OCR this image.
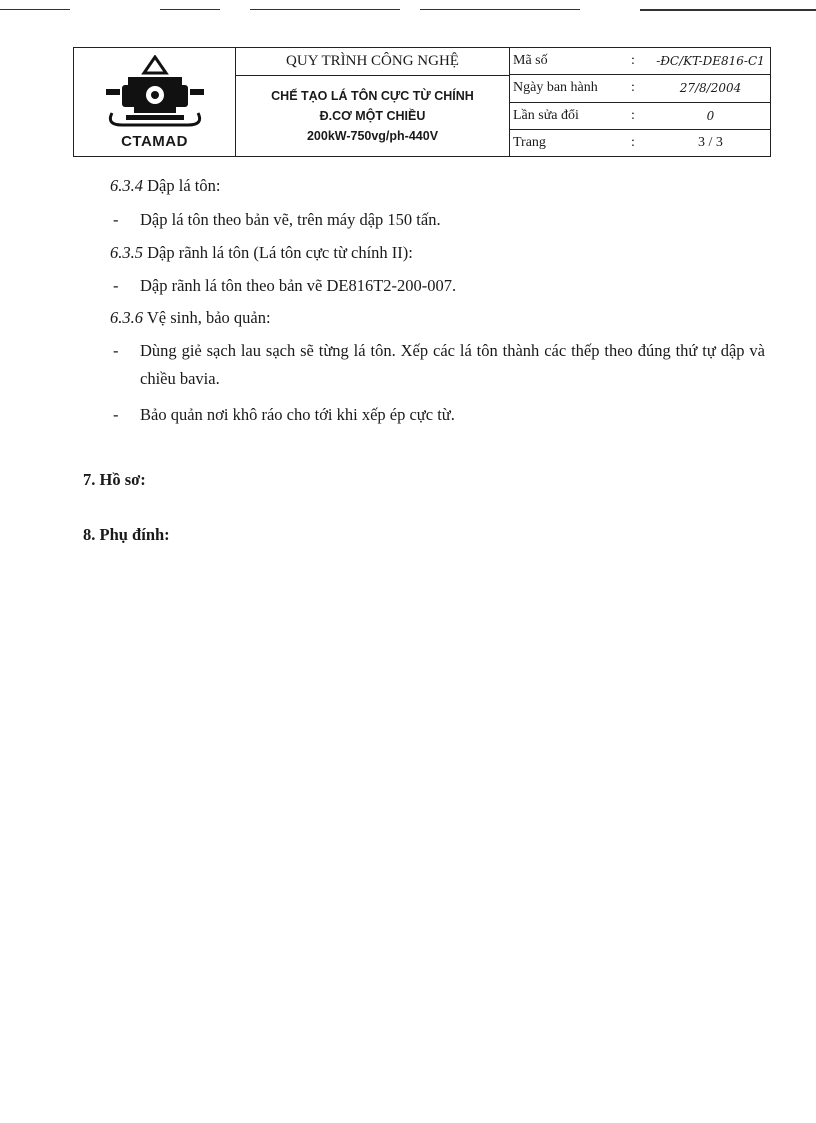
CTAMAD
QUY TRÌNH CÔNG NGHỆ
CHẾ TẠO LÁ TÔN CỰC TỪ CHÍNH
Đ.CƠ MỘT CHIỀU
200kW-750vg/ph-440V
Mã số	:	-ĐC/KT-DE816-C1
Ngày ban hành	:	27/8/2004
Lần sửa đổi	:	0
Trang	:	3 / 3
6.3.4 Dập lá tôn:
- Dập lá tôn theo bản vẽ, trên máy dập 150 tấn.
6.3.5 Dập rãnh lá tôn (Lá tôn cực từ chính II):
- Dập rãnh lá tôn theo bản vẽ DE816T2-200-007.
6.3.6 Vệ sinh, bảo quản:
- Dùng giẻ sạch lau sạch sẽ từng lá tôn. Xếp các lá tôn thành các thếp theo đúng thứ tự dập và chiều bavia.
- Bảo quản nơi khô ráo cho tới khi xếp ép cực từ.
7. Hồ sơ:
8. Phụ đính:
